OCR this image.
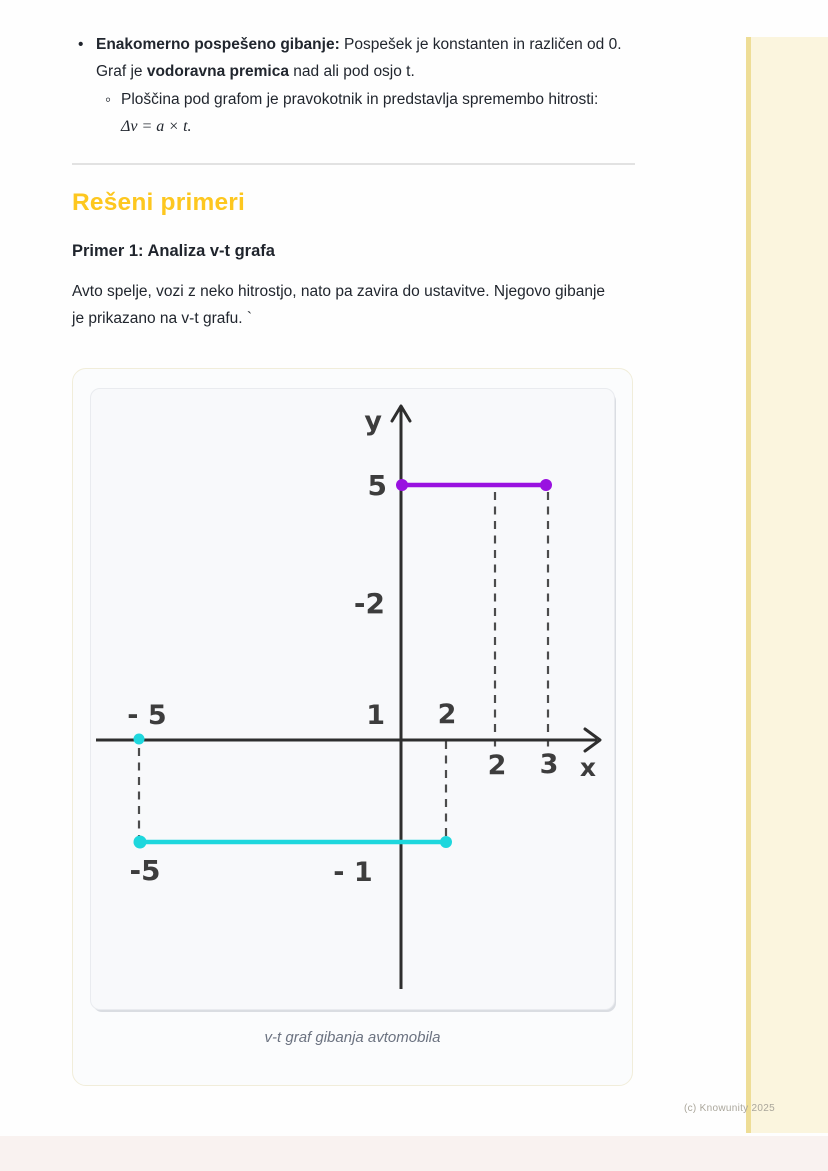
• Enakomerno pospešeno gibanje: Pospešek je konstanten in različen od 0.
Graf je vodoravna premica nad ali pod osjo t.
◦ Ploščina pod grafom je pravokotnik in predstavlja spremembo hitrosti:
Δv = a × t.
Rešeni primeri
Primer 1: Analiza v-t grafa
Avto spelje, vozi z neko hitrostjo, nato pa zavira do ustavitve. Njegovo gibanje
je prikazano na v-t grafu. `
y
5
-2
1 2
- 5
2 3 x
-5	- 1
v-t graf gibanja avtomobila
(c) Knowunity 2025
